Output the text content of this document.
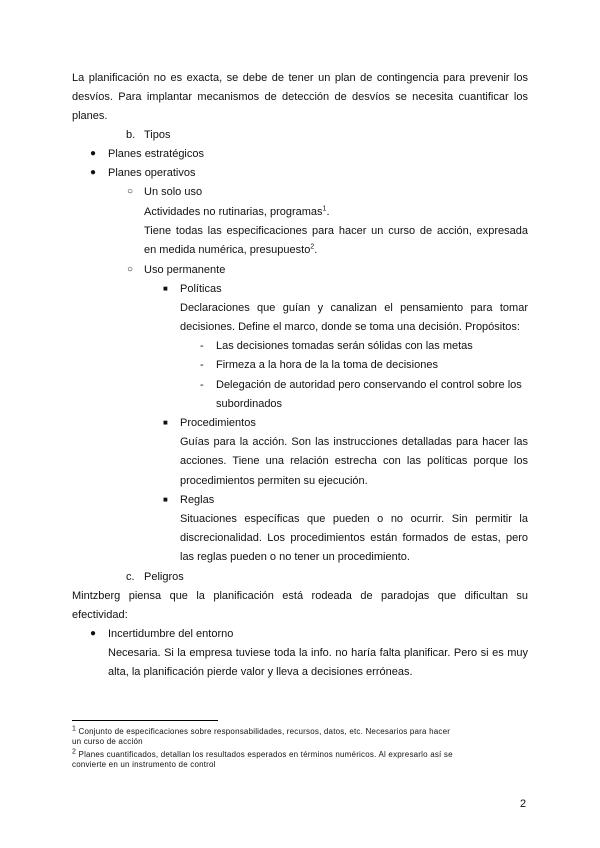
La planificación no es exacta, se debe de tener un plan de contingencia para prevenir los
desvíos. Para implantar mecanismos de detección de desvíos se necesita cuantificar los
planes.
b. Tipos
● Planes estratégicos
● Planes operativos
○ Un solo uso
Actividades no rutinarias, programas$^1$.
Tiene todas las especificaciones para hacer un curso de acción, expresada
en medida numérica, presupuesto$^2$.
○ Uso permanente
■ Políticas
Declaraciones que guían y canalizan el pensamiento para tomar
decisiones. Define el marco, donde se toma una decisión. Propósitos:
- Las decisiones tomadas serán sólidas con las metas
- Firmeza a la hora de la la toma de decisiones
- Delegación de autoridad pero conservando el control sobre los
subordinados
■ Procedimientos
Guías para la acción. Son las instrucciones detalladas para hacer las
acciones. Tiene una relación estrecha con las políticas porque los
procedimientos permiten su ejecución.
■ Reglas
Situaciones específicas que pueden o no ocurrir. Sin permitir la
discrecionalidad. Los procedimientos están formados de estas, pero
las reglas pueden o no tener un procedimiento.
c. Peligros
Mintzberg piensa que la planificación está rodeada de paradojas que dificultan su
efectividad:
● Incertidumbre del entorno
Necesaria. Si la empresa tuviese toda la info. no haría falta planificar. Pero si es muy
alta, la planificación pierde valor y lleva a decisiones erróneas.
$^1$ Conjunto de especificaciones sobre responsabilidades, recursos, datos, etc. Necesarios para hacer
un curso de acción
$^2$ Planes cuantificados, detallan los resultados esperados en términos numéricos. Al expresarlo así se
convierte en un instrumento de control
2
